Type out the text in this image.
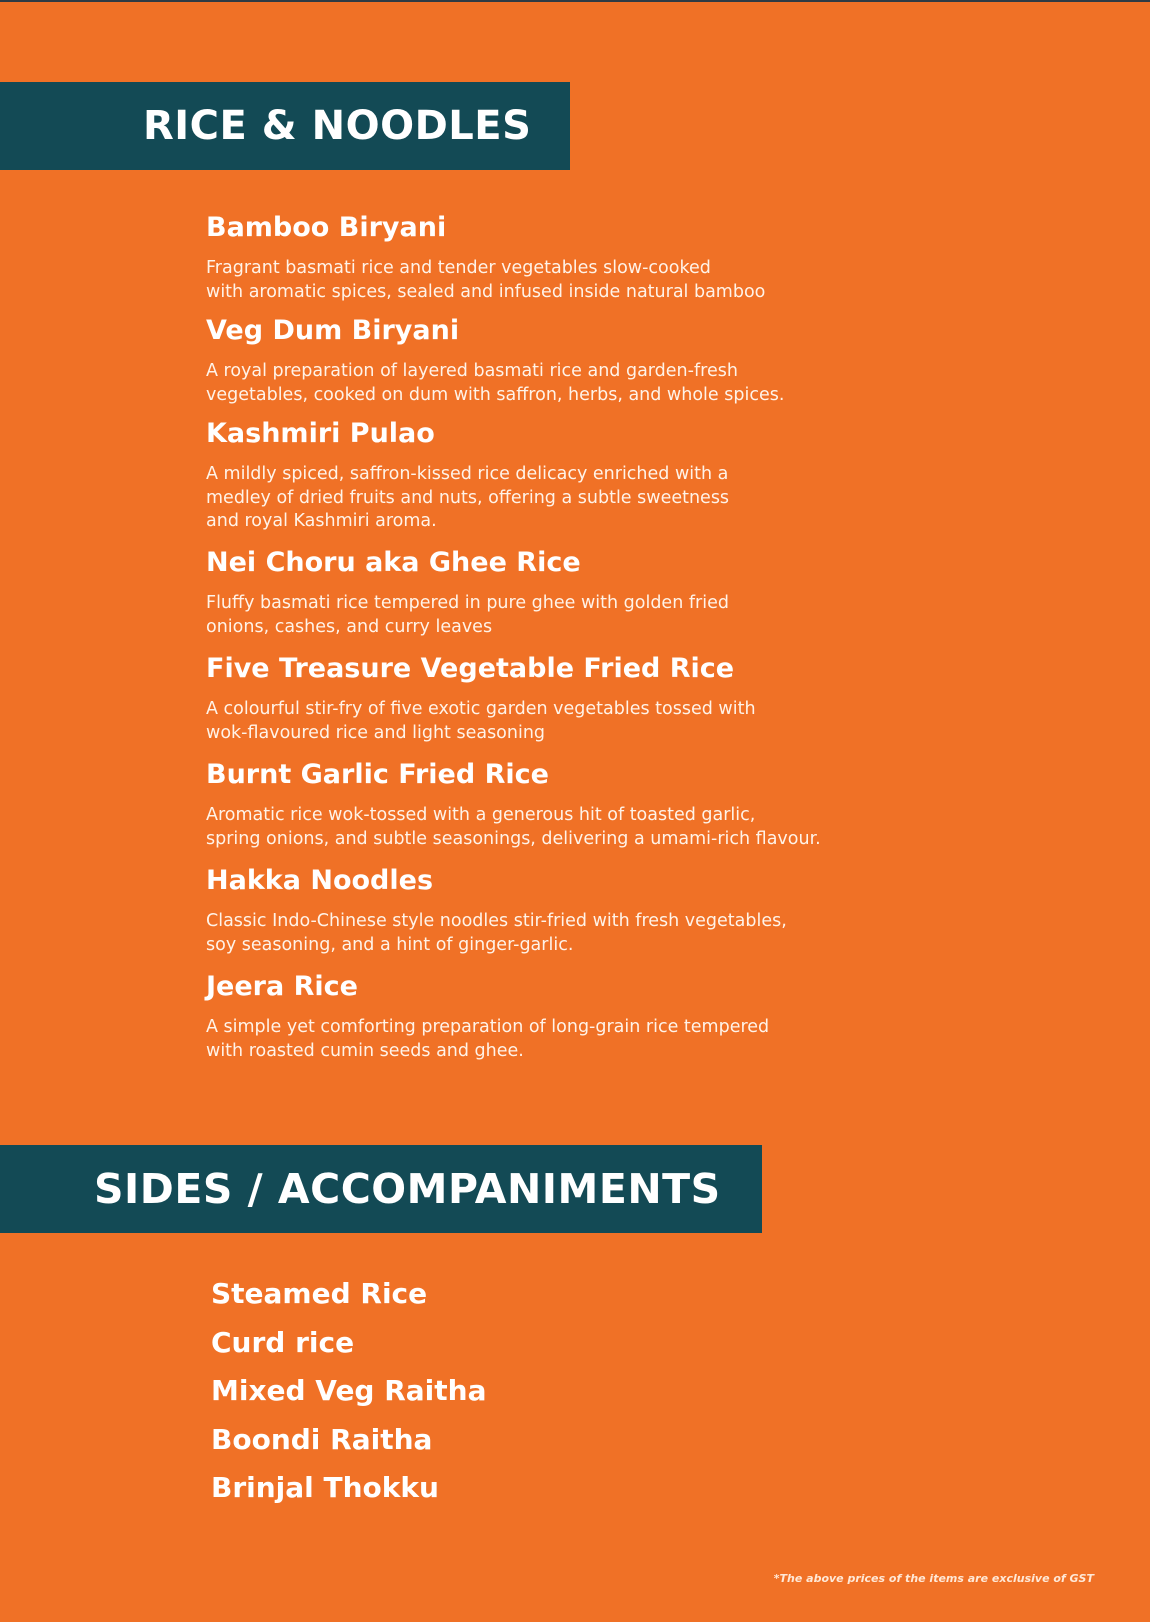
RICE & NOODLES
Bamboo Biryani
Fragrant basmati rice and tender vegetables slow-cooked
with aromatic spices, sealed and infused inside natural bamboo
Veg Dum Biryani
A royal preparation of layered basmati rice and garden-fresh
vegetables, cooked on dum with saffron, herbs, and whole spices.
Kashmiri Pulao
A mildly spiced, saffron-kissed rice delicacy enriched with a
medley of dried fruits and nuts, offering a subtle sweetness
and royal Kashmiri aroma.
Nei Choru aka Ghee Rice
Fluffy basmati rice tempered in pure ghee with golden fried
onions, cashes, and curry leaves
Five Treasure Vegetable Fried Rice
A colourful stir-fry of five exotic garden vegetables tossed with
wok-flavoured rice and light seasoning
Burnt Garlic Fried Rice
Aromatic rice wok-tossed with a generous hit of toasted garlic,
spring onions, and subtle seasonings, delivering a umami-rich flavour.
Hakka Noodles
Classic Indo-Chinese style noodles stir-fried with fresh vegetables,
soy seasoning, and a hint of ginger-garlic.
Jeera Rice
A simple yet comforting preparation of long-grain rice tempered
with roasted cumin seeds and ghee.
SIDES / ACCOMPANIMENTS
Steamed Rice
Curd rice
Mixed Veg Raitha
Boondi Raitha
Brinjal Thokku
*The above prices of the items are exclusive of GST
